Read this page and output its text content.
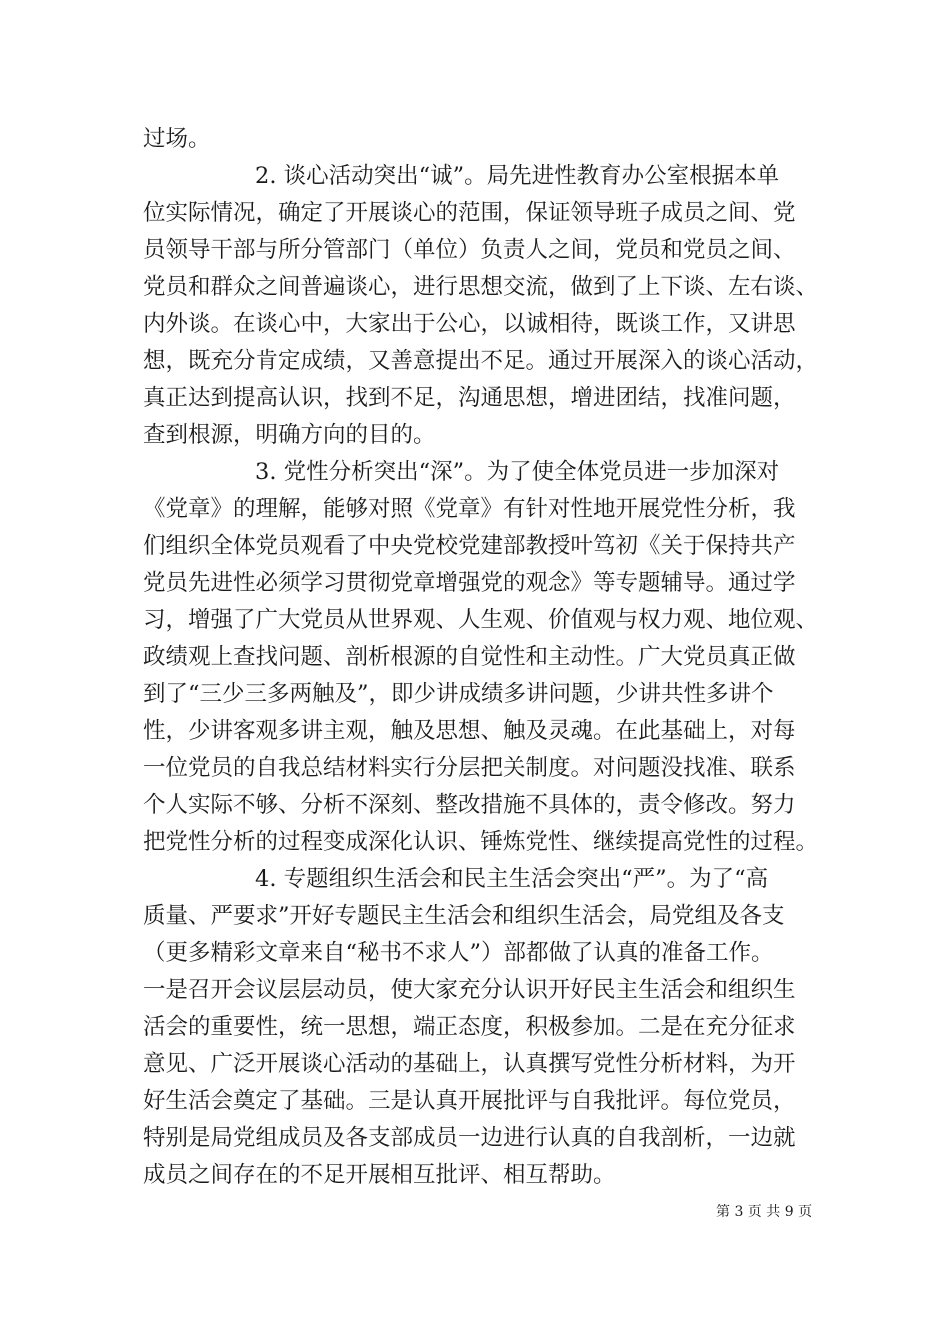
过场。
2. 谈心活动突出“诚”。局先进性教育办公室根据本单
位实际情况，确定了开展谈心的范围，保证领导班子成员之间、党
员领导干部与所分管部门（单位）负责人之间，党员和党员之间、
党员和群众之间普遍谈心，进行思想交流，做到了上下谈、左右谈、
内外谈。在谈心中，大家出于公心，以诚相待，既谈工作，又讲思
想，既充分肯定成绩，又善意提出不足。通过开展深入的谈心活动，
真正达到提高认识，找到不足，沟通思想，增进团结，找准问题，
查到根源，明确方向的目的。
3. 党性分析突出“深”。为了使全体党员进一步加深对
《党章》的理解，能够对照《党章》有针对性地开展党性分析，我
们组织全体党员观看了中央党校党建部教授叶笃初《关于保持共产
党员先进性必须学习贯彻党章增强党的观念》等专题辅导。通过学
习，增强了广大党员从世界观、人生观、价值观与权力观、地位观、
政绩观上查找问题、剖析根源的自觉性和主动性。广大党员真正做
到了“三少三多两触及”，即少讲成绩多讲问题，少讲共性多讲个
性，少讲客观多讲主观，触及思想、触及灵魂。在此基础上，对每
一位党员的自我总结材料实行分层把关制度。对问题没找准、联系
个人实际不够、分析不深刻、整改措施不具体的，责令修改。努力
把党性分析的过程变成深化认识、锤炼党性、继续提高党性的过程。
4. 专题组织生活会和民主生活会突出“严”。为了“高
质量、严要求”开好专题民主生活会和组织生活会，局党组及各支
（更多精彩文章来自“秘书不求人”）部都做了认真的准备工作。
一是召开会议层层动员，使大家充分认识开好民主生活会和组织生
活会的重要性，统一思想，端正态度，积极参加。二是在充分征求
意见、广泛开展谈心活动的基础上，认真撰写党性分析材料，为开
好生活会奠定了基础。三是认真开展批评与自我批评。每位党员，
特别是局党组成员及各支部成员一边进行认真的自我剖析，一边就
成员之间存在的不足开展相互批评、相互帮助。
第 3 页 共 9 页
